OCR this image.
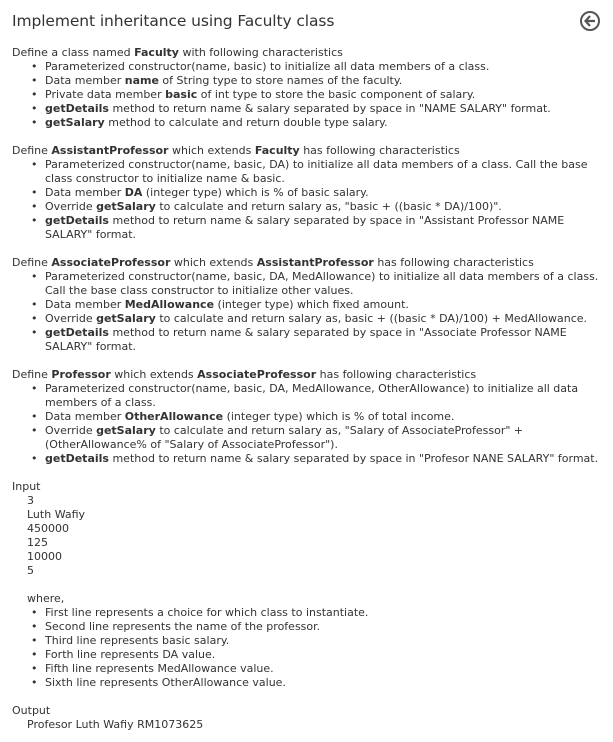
Implement inheritance using Faculty class
Define a class named Faculty with following characteristics
• Parameterized constructor(name, basic) to initialize all data members of a class.
• Data member name of String type to store names of the faculty.
• Private data member basic of int type to store the basic component of salary.
• getDetails method to return name & salary separated by space in "NAME SALARY" format.
• getSalary method to calculate and return double type salary.
Define AssistantProfessor which extends Faculty has following characteristics
• Parameterized constructor(name, basic, DA) to initialize all data members of a class. Call the base class constructor to initialize name & basic.
• Data member DA (integer type) which is % of basic salary.
• Override getSalary to calculate and return salary as, "basic + ((basic * DA)/100)".
• getDetails method to return name & salary separated by space in "Assistant Professor NAME SALARY" format.
Define AssociateProfessor which extends AssistantProfessor has following characteristics
• Parameterized constructor(name, basic, DA, MedAllowance) to initialize all data members of a class. Call the base class constructor to initialize other values.
• Data member MedAllowance (integer type) which fixed amount.
• Override getSalary to calculate and return salary as, basic + ((basic * DA)/100) + MedAllowance.
• getDetails method to return name & salary separated by space in "Associate Professor NAME SALARY" format.
Define Professor which extends AssociateProfessor has following characteristics
• Parameterized constructor(name, basic, DA, MedAllowance, OtherAllowance) to initialize all data members of a class.
• Data member OtherAllowance (integer type) which is % of total income.
• Override getSalary to calculate and return salary as, "Salary of AssociateProfessor" + (OtherAllowance% of "Salary of AssociateProfessor").
• getDetails method to return name & salary separated by space in "Profesor NANE SALARY" format.
Input
3
Luth Wafiy
450000
125
10000
5
where,
• First line represents a choice for which class to instantiate.
• Second line represents the name of the professor.
• Third line represents basic salary.
• Forth line represents DA value.
• Fifth line represents MedAllowance value.
• Sixth line represents OtherAllowance value.
Output
Profesor Luth Wafiy RM1073625
